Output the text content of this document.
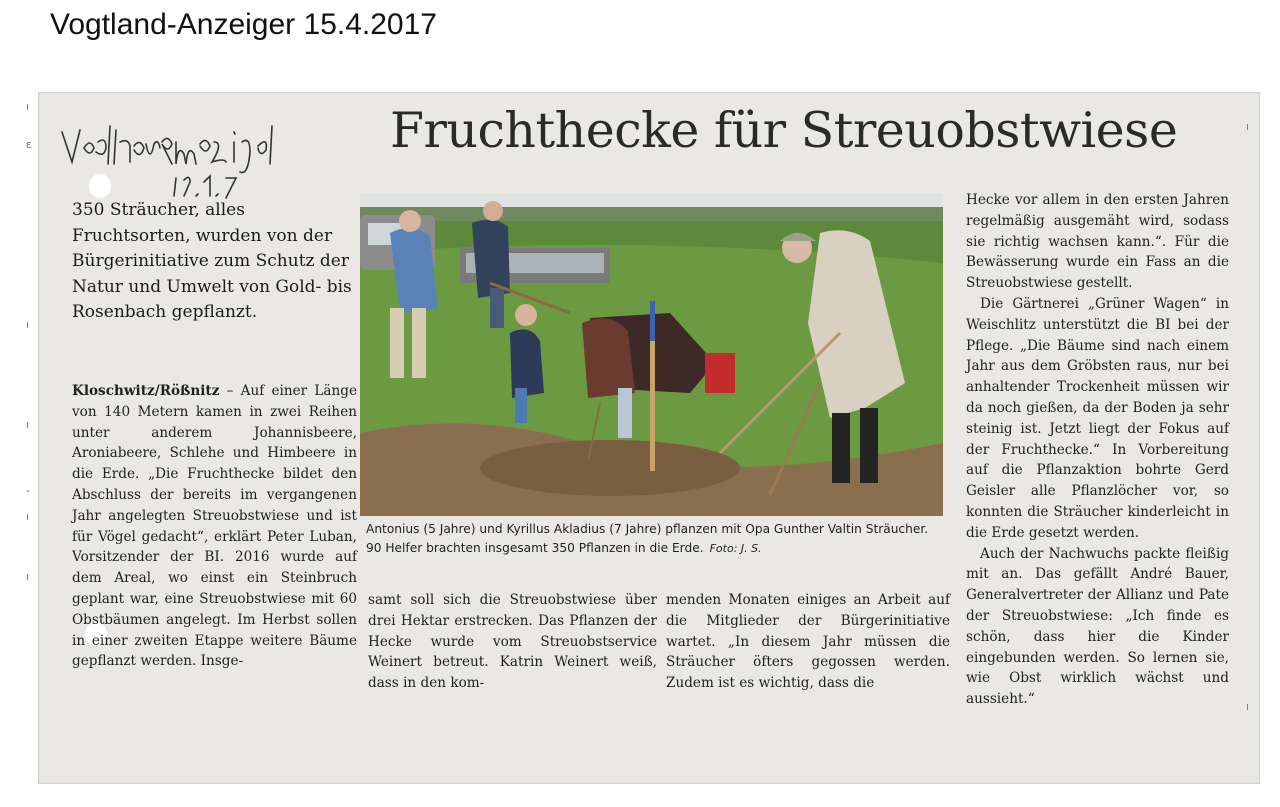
Vogtland-Anzeiger 15.4.2017
ı
ε
ı
ı
-
ı
ı
Fruchthecke für Streuobstwiese
350 Sträucher, alles Fruchtsorten, wurden von der Bürgerinitiative zum Schutz der Natur und Umwelt von Gold- bis Rosenbach gepflanzt.

Kloschwitz/Rößnitz – Auf einer Länge von 140 Metern kamen in zwei Reihen unter anderem Johannisbeere, Aroniabeere, Schlehe und Himbeere in die Erde. „Die Fruchthecke bildet den Abschluss der bereits im vergangenen Jahr angelegten Streuobstwiese und ist für Vögel gedacht“, erklärt Peter Luban, Vorsitzender der BI. 2016 wurde auf dem Areal, wo einst ein Steinbruch geplant war, eine Streuobstwiese mit 60 Obstbäumen angelegt. Im Herbst sollen in einer zweiten Etappe weitere Bäume gepflanzt werden. Insge-

Antonius (5 Jahre) und Kyrillus Akladius (7 Jahre) pflanzen mit Opa Gunther Valtin Sträucher. 90 Helfer brachten insgesamt 350 Pflanzen in die Erde. Foto: J. S.
samt soll sich die Streuobstwiese über drei Hektar erstrecken. Das Pflanzen der Hecke wurde vom Streuobstservice Weinert betreut. Katrin Weinert weiß, dass in den kom-
menden Monaten einiges an Arbeit auf die Mitglieder der Bürgerinitiative wartet. „In diesem Jahr müssen die Sträucher öfters gegossen werden. Zudem ist es wichtig, dass die

Hecke vor allem in den ersten Jahren regelmäßig ausgemäht wird, sodass sie richtig wachsen kann.“. Für die Bewässerung wurde ein Fass an die Streuobstwiese gestellt.

Die Gärtnerei „Grüner Wagen“ in Weischlitz unterstützt die BI bei der Pflege. „Die Bäume sind nach einem Jahr aus dem Gröbsten raus, nur bei anhaltender Trockenheit müssen wir da noch gießen, da der Boden ja sehr steinig ist. Jetzt liegt der Fokus auf der Fruchthecke.“ In Vorbereitung auf die Pflanzaktion bohrte Gerd Geisler alle Pflanzlöcher vor, so konnten die Sträucher kinderleicht in die Erde gesetzt werden.

Auch der Nachwuchs packte fleißig mit an. Das gefällt André Bauer, Generalvertreter der Allianz und Pate der Streuobstwiese: „Ich finde es schön, dass hier die Kinder eingebunden werden. So lernen sie, wie Obst wirklich wächst und aussieht.“

ı
ı
